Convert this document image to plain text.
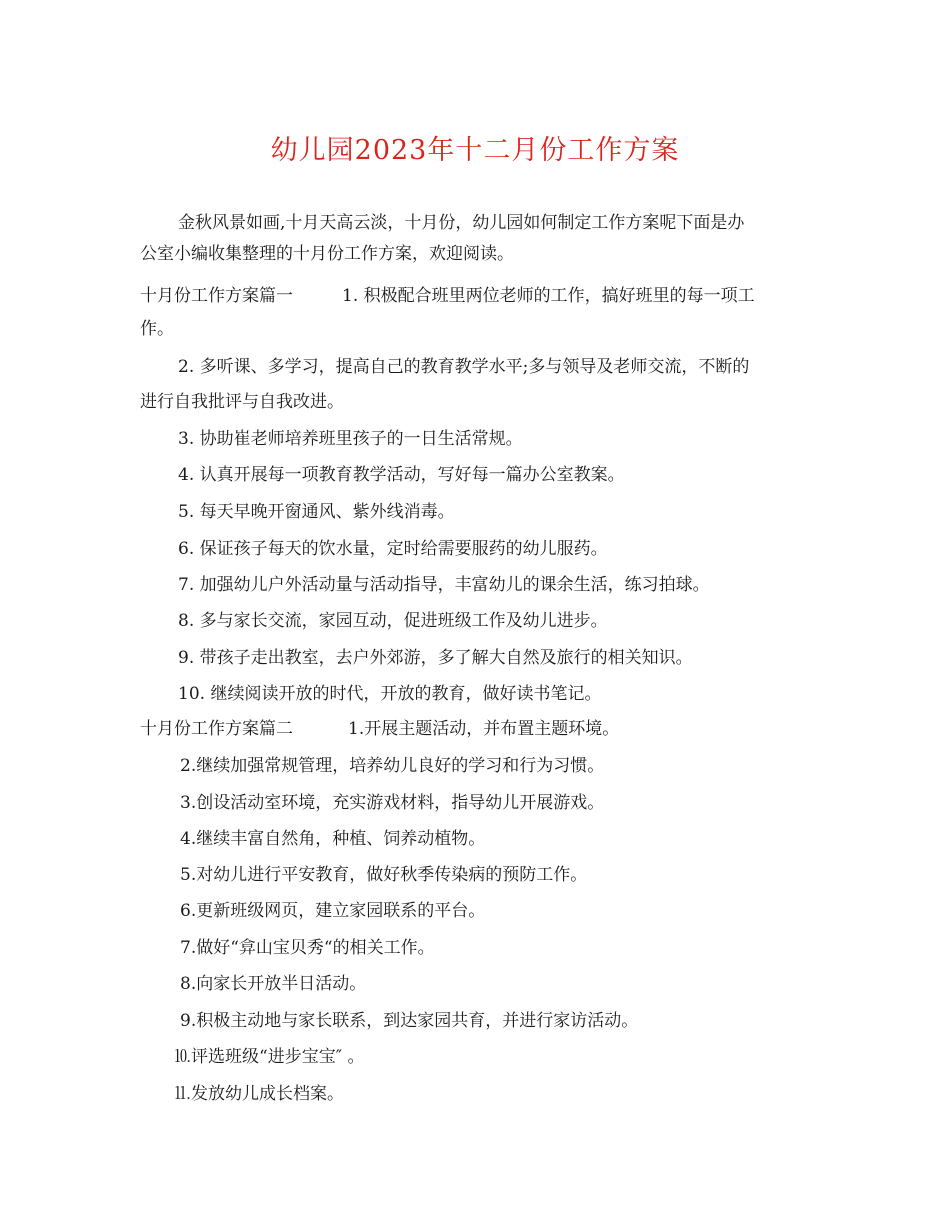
幼儿园2023年十二月份工作方案
金秋风景如画,十月天高云淡，十月份，幼儿园如何制定工作方案呢下面是办
公室小编收集整理的十月份工作方案，欢迎阅读。
十月份工作方案篇一	1. 积极配合班里两位老师的工作，搞好班里的每一项工
作。
2. 多听课、多学习，提高自己的教育教学水平;多与领导及老师交流，不断的
进行自我批评与自我改进。
3. 协助崔老师培养班里孩子的一日生活常规。
4. 认真开展每一项教育教学活动，写好每一篇办公室教案。
5. 每天早晚开窗通风、紫外线消毒。
6. 保证孩子每天的饮水量，定时给需要服药的幼儿服药。
7. 加强幼儿户外活动量与活动指导，丰富幼儿的课余生活，练习拍球。
8. 多与家长交流，家园互动，促进班级工作及幼儿进步。
9. 带孩子走出教室，去户外郊游，多了解大自然及旅行的相关知识。
10. 继续阅读开放的时代，开放的教育，做好读书笔记。
十月份工作方案篇二	1.开展主题活动，并布置主题环境。
2.继续加强常规管理，培养幼儿良好的学习和行为习惯。
3.创设活动室环境，充实游戏材料，指导幼儿开展游戏。
4.继续丰富自然角，种植、饲养动植物。
5.对幼儿进行平安教育，做好秋季传染病的预防工作。
6.更新班级网页，建立家园联系的平台。
7.做好“弇山宝贝秀“的相关工作。
8.向家长开放半日活动。
9.积极主动地与家长联系，到达家园共育，并进行家访活动。
⒑评选班级“进步宝宝″ 。
⒒发放幼儿成长档案。
